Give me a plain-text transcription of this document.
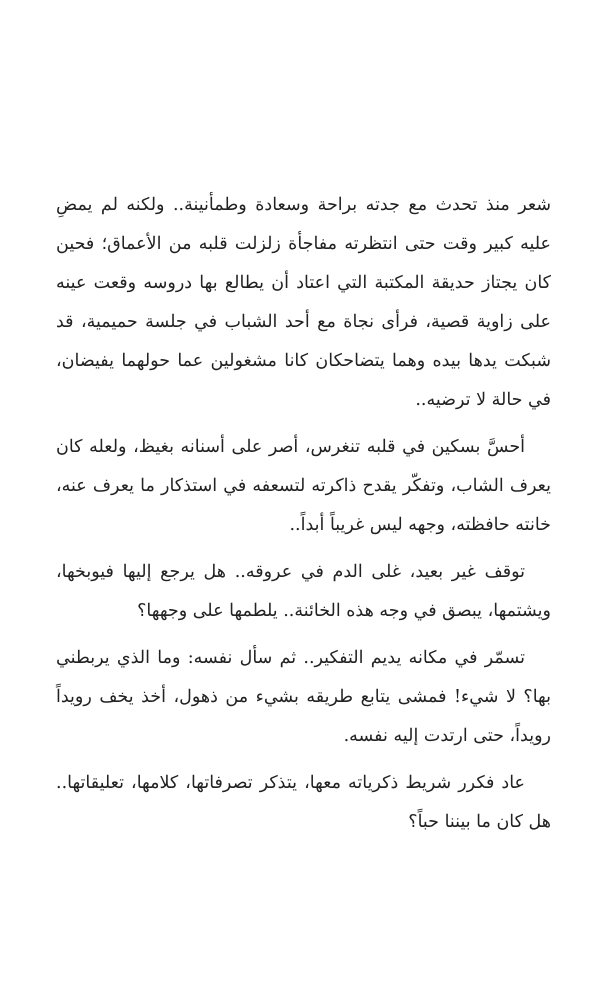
شعر منذ تحدث مع جدته براحة وسعادة وطمأنينة.. ولكنه لم يمضِ عليه كبير وقت حتى انتظرته مفاجأة زلزلت قلبه من الأعماق؛ فحين كان يجتاز حديقة المكتبة التي اعتاد أن يطالع بها دروسه وقعت عينه على زاوية قصية، فرأى نجاة مع أحد الشباب في جلسة حميمية، قد شبكت يدها بيده وهما يتضاحكان كانا مشغولين عما حولهما يفيضان، في حالة لا ترضيه..

أحسَّ بسكين في قلبه تنغرس، أصر على أسنانه بغيظ، ولعله كان يعرف الشاب، وتفكّر يقدح ذاكرته لتسعفه في استذكار ما يعرف عنه، خانته حافظته، وجهه ليس غريباً أبداً..

توقف غير بعيد، غلى الدم في عروقه.. هل يرجع إليها فيوبخها، ويشتمها، يبصق في وجه هذه الخائنة.. يلطمها على وجهها؟

تسمّر في مكانه يديم التفكير.. ثم سأل نفسه: وما الذي يربطني بها؟ لا شيء! فمشى يتابع طريقه بشيء من ذهول، أخذ يخف رويداً رويداً، حتى ارتدت إليه نفسه.

عاد فكرر شريط ذكرياته معها، يتذكر تصرفاتها، كلامها، تعليقاتها.. هل كان ما بيننا حباً؟
